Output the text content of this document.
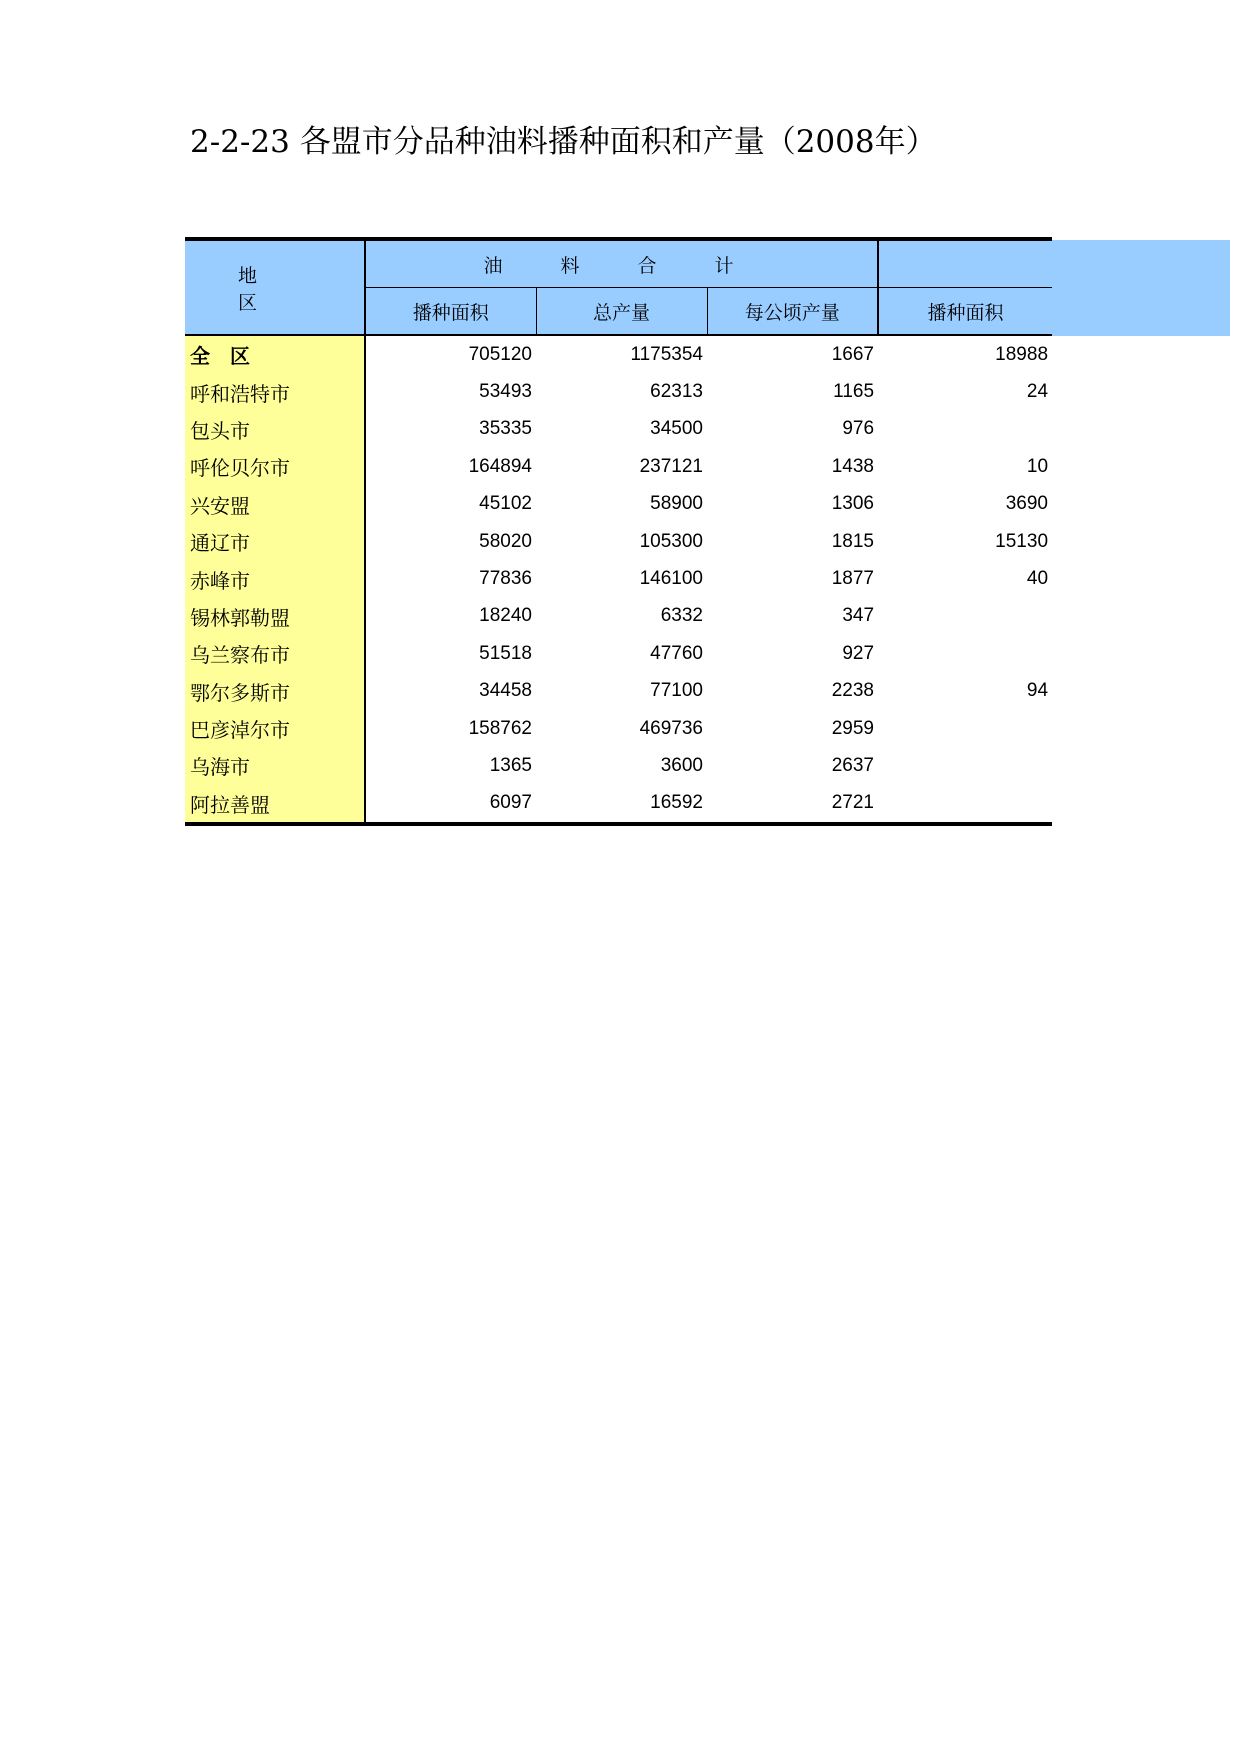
2-2-23 各盟市分品种油料播种面积和产量（2008年）
地　　区	油 料 合 计			
	播种面积	总产量	每公顷产量	播种面积
全　区	705120	1175354	1667	18988
呼和浩特市	53493	62313	1165	24
包头市	35335	34500	976	
呼伦贝尔市	164894	237121	1438	10
兴安盟	45102	58900	1306	3690
通辽市	58020	105300	1815	15130
赤峰市	77836	146100	1877	40
锡林郭勒盟	18240	6332	347	
乌兰察布市	51518	47760	927	
鄂尔多斯市	34458	77100	2238	94
巴彦淖尔市	158762	469736	2959	
乌海市	1365	3600	2637	
阿拉善盟	6097	16592	2721	
